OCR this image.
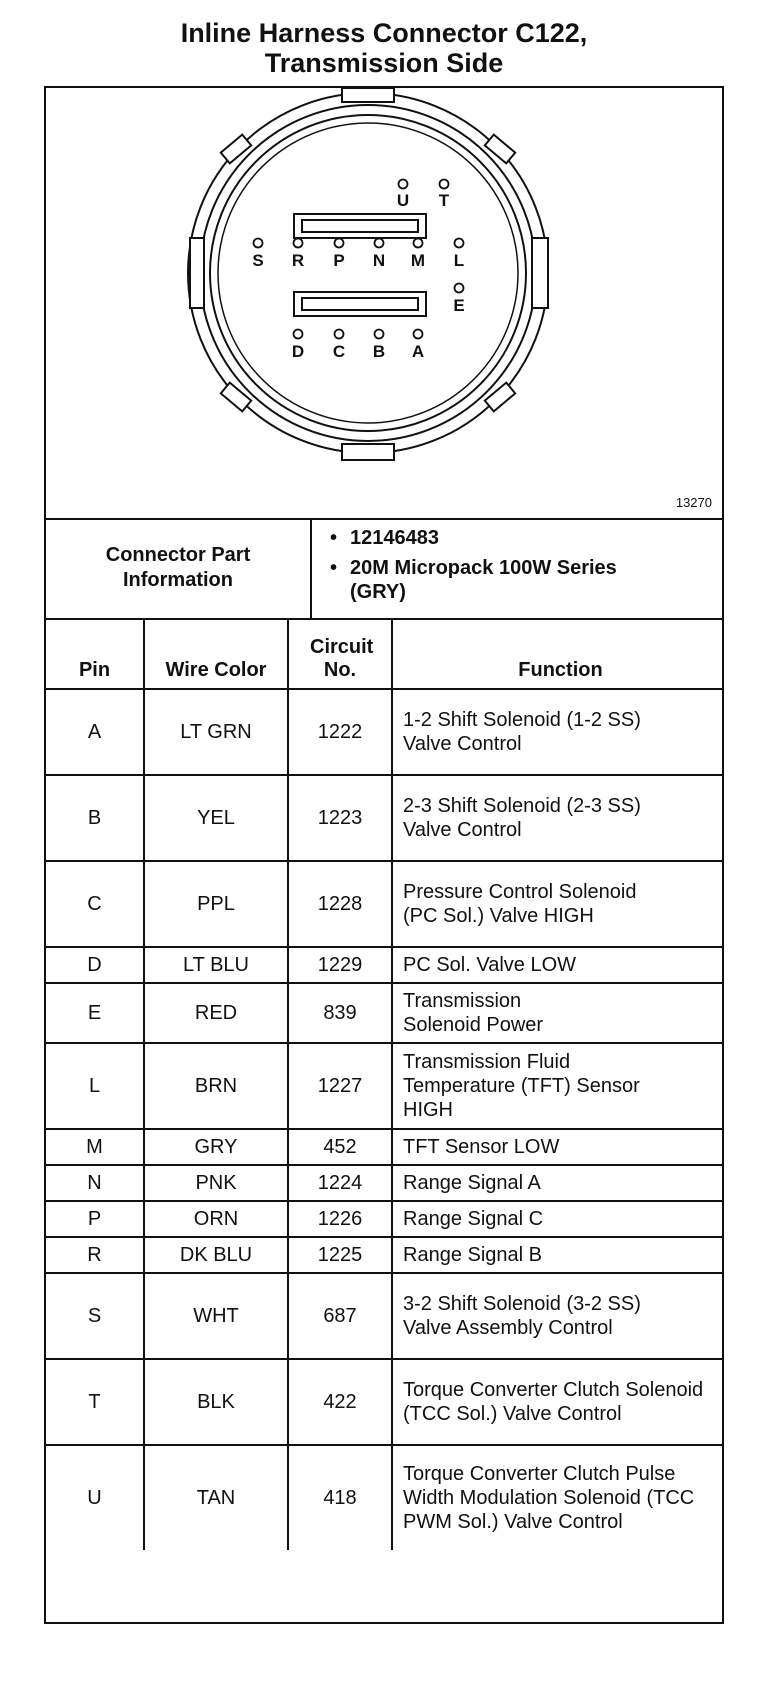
Inline Harness Connector C122,
Transmission Side
S R P N M L
E
D C B A
U T
13270
Connector Part Information
• 12146483
• 20M Micropack 100W Series (GRY)
Pin	Wire Color	Circuit No.	Function
A	LT GRN	1222	1-2 Shift Solenoid (1-2 SS) Valve Control
B	YEL	1223	2-3 Shift Solenoid (2-3 SS) Valve Control
C	PPL	1228	Pressure Control Solenoid (PC Sol.) Valve HIGH
D	LT BLU	1229	PC Sol. Valve LOW
E	RED	839	Transmission Solenoid Power
L	BRN	1227	Transmission Fluid Temperature (TFT) Sensor HIGH
M	GRY	452	TFT Sensor LOW
N	PNK	1224	Range Signal A
P	ORN	1226	Range Signal C
R	DK BLU	1225	Range Signal B
S	WHT	687	3-2 Shift Solenoid (3-2 SS) Valve Assembly Control
T	BLK	422	Torque Converter Clutch Solenoid (TCC Sol.) Valve Control
U	TAN	418	Torque Converter Clutch Pulse Width Modulation Solenoid (TCC PWM Sol.) Valve Control
